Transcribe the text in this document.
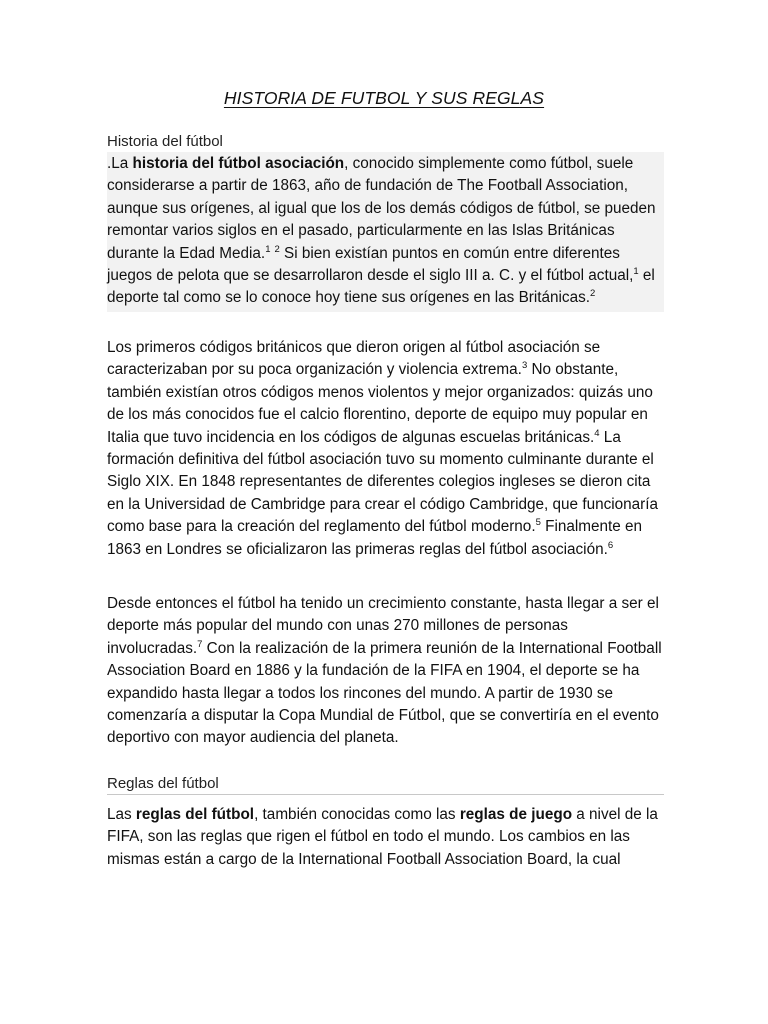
HISTORIA DE FUTBOL Y SUS REGLAS
Historia del fútbol

.La historia del fútbol asociación, conocido simplemente como fútbol, suele considerarse a partir de 1863, año de fundación de The Football Association, aunque sus orígenes, al igual que los de los demás códigos de fútbol, se pueden remontar varios siglos en el pasado, particularmente en las Islas Británicas durante la Edad Media.$^1$ $^2$ Si bien existían puntos en común entre diferentes juegos de pelota que se desarrollaron desde el siglo III a. C. y el fútbol actual,$^1$ el deporte tal como se lo conoce hoy tiene sus orígenes en las Británicas.$^2$

Los primeros códigos británicos que dieron origen al fútbol asociación se caracterizaban por su poca organización y violencia extrema.$^3$ No obstante, también existían otros códigos menos violentos y mejor organizados: quizás uno de los más conocidos fue el calcio florentino, deporte de equipo muy popular en Italia que tuvo incidencia en los códigos de algunas escuelas británicas.$^4$ La formación definitiva del fútbol asociación tuvo su momento culminante durante el Siglo XIX. En 1848 representantes de diferentes colegios ingleses se dieron cita en la Universidad de Cambridge para crear el código Cambridge, que funcionaría como base para la creación del reglamento del fútbol moderno.$^5$ Finalmente en 1863 en Londres se oficializaron las primeras reglas del fútbol asociación.$^6$

Desde entonces el fútbol ha tenido un crecimiento constante, hasta llegar a ser el deporte más popular del mundo con unas 270 millones de personas involucradas.$^7$ Con la realización de la primera reunión de la International Football Association Board en 1886 y la fundación de la FIFA en 1904, el deporte se ha expandido hasta llegar a todos los rincones del mundo. A partir de 1930 se comenzaría a disputar la Copa Mundial de Fútbol, que se convertiría en el evento deportivo con mayor audiencia del planeta.

Reglas del fútbol

Las reglas del fútbol, también conocidas como las reglas de juego a nivel de la FIFA, son las reglas que rigen el fútbol en todo el mundo. Los cambios en las mismas están a cargo de la International Football Association Board, la cual
